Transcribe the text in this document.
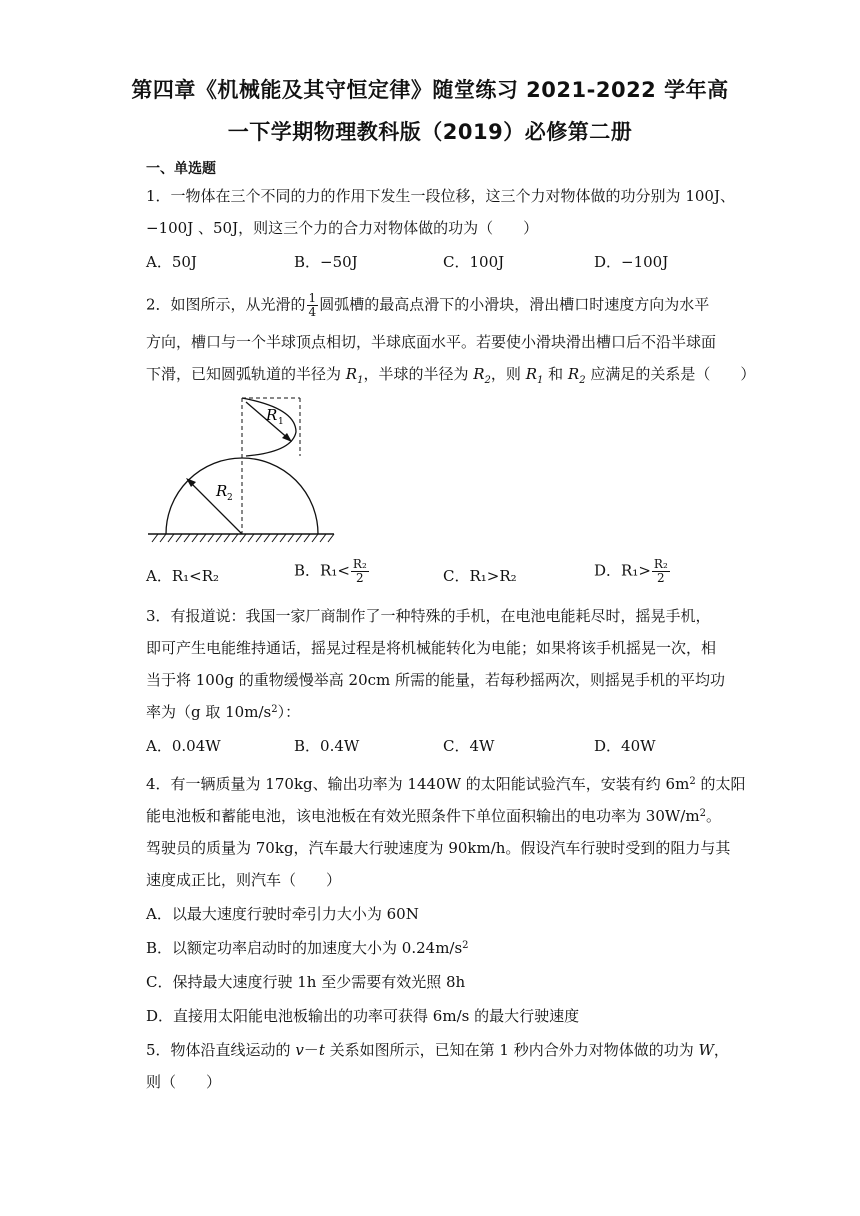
第四章《机械能及其守恒定律》随堂练习 2021-2022 学年高
一下学期物理教科版（2019）必修第二册
一、单选题
1．一物体在三个不同的力的作用下发生一段位移，这三个力对物体做的功分别为 100J、
−100J 、50J，则这三个力的合力对物体做的功为（　　）
A．50J	B．−50J	C．100J	D．−100J
2．如图所示，从光滑的 $\frac{1}{4}$ 圆弧槽的最高点滑下的小滑块，滑出槽口时速度方向为水平
方向，槽口与一个半球顶点相切，半球底面水平。若要使小滑块滑出槽口后不沿半球面
下滑，已知圆弧轨道的半径为 $R_1$，半球的半径为 $R_2$，则 $R_1$ 和 $R_2$ 应满足的关系是（　　）
R 1
R 2
A．R₁<R₂	B．$R_1< \frac{\text{R₂}}{2}$	C．R₁>R₂	D．$R_1> \frac{\text{R₂}}{2}$
3．有报道说：我国一家厂商制作了一种特殊的手机，在电池电能耗尽时，摇晃手机，
即可产生电能维持通话，摇晃过程是将机械能转化为电能；如果将该手机摇晃一次，相
当于将 100g 的重物缓慢举高 20cm 所需的能量，若每秒摇两次，则摇晃手机的平均功
率为（g 取 $10m/s^2$）：
A．0.04W	B．0.4W	C．4W	D．40W
4．有一辆质量为 170kg、输出功率为 1440W 的太阳能试验汽车，安装有约 $6m^2$ 的太阳
能电池板和蓄能电池，该电池板在有效光照条件下单位面积输出的电功率为 $30W/m^2$。
驾驶员的质量为 70kg，汽车最大行驶速度为 90km/h。假设汽车行驶时受到的阻力与其
速度成正比，则汽车（　　）
A．以最大速度行驶时牵引力大小为 60N
B．以额定功率启动时的加速度大小为 $0.24m/s^2$
C．保持最大速度行驶 1h 至少需要有效光照 8h
D．直接用太阳能电池板输出的功率可获得 6m/s 的最大行驶速度
5．物体沿直线运动的 v－t 关系如图所示，已知在第 1 秒内合外力对物体做的功为 W，
则（　　）
